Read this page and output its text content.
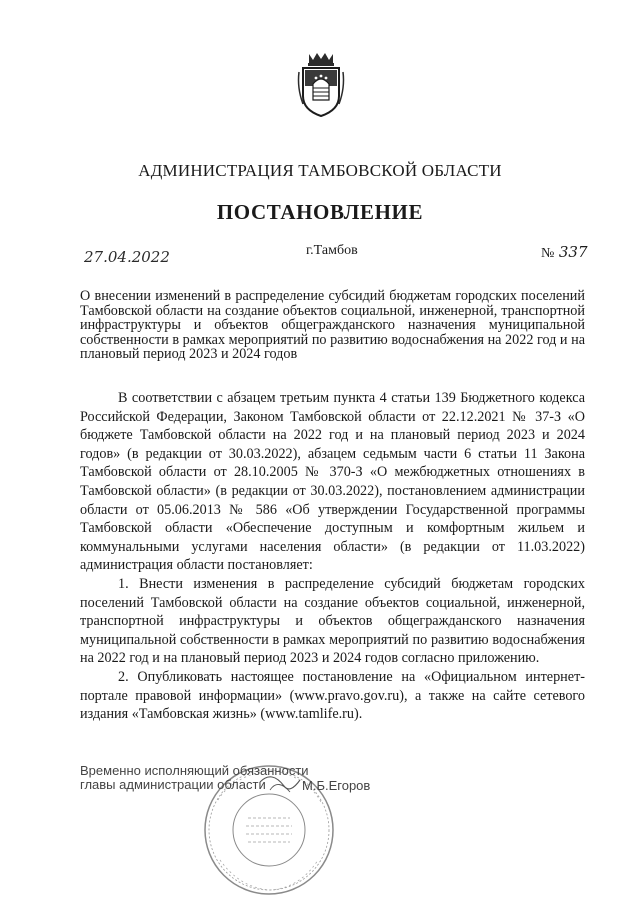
АДМИНИСТРАЦИЯ ТАМБОВСКОЙ ОБЛАСТИ
ПОСТАНОВЛЕНИЕ
27.04.2022	г.Тамбов	№ 337
О внесении изменений в распределение субсидий бюджетам городских поселений Тамбовской области на создание объектов социальной, инженерной, транспортной инфраструктуры и объектов общегражданского назначения муниципальной собственности в рамках мероприятий по развитию водоснабжения на 2022 год и на плановый период 2023 и 2024 годов

В соответствии с абзацем третьим пункта 4 статьи 139 Бюджетного кодекса Российской Федерации, Законом Тамбовской области от 22.12.2021 № 37-З «О бюджете Тамбовской области на 2022 год и на плановый период 2023 и 2024 годов» (в редакции от 30.03.2022), абзацем седьмым части 6 статьи 11 Закона Тамбовской области от 28.10.2005 № 370-З «О межбюджетных отношениях в Тамбовской области» (в редакции от 30.03.2022), постановлением администрации области от 05.06.2013 № 586 «Об утверждении Государственной программы Тамбовской области «Обеспечение доступным и комфортным жильем и коммунальными услугами населения области» (в редакции от 11.03.2022) администрация области постановляет:

1. Внести изменения в распределение субсидий бюджетам городских поселений Тамбовской области на создание объектов социальной, инженерной, транспортной инфраструктуры и объектов общегражданского назначения муниципальной собственности в рамках мероприятий по развитию водоснабжения на 2022 год и на плановый период 2023 и 2024 годов согласно приложению.

2. Опубликовать настоящее постановление на «Официальном интернет-портале правовой информации» (www.pravo.gov.ru), а также на сайте сетевого издания «Тамбовская жизнь» (www.tamlife.ru).

Временно исполняющий обязанности
главы администрации области	М.Б.Егоров
